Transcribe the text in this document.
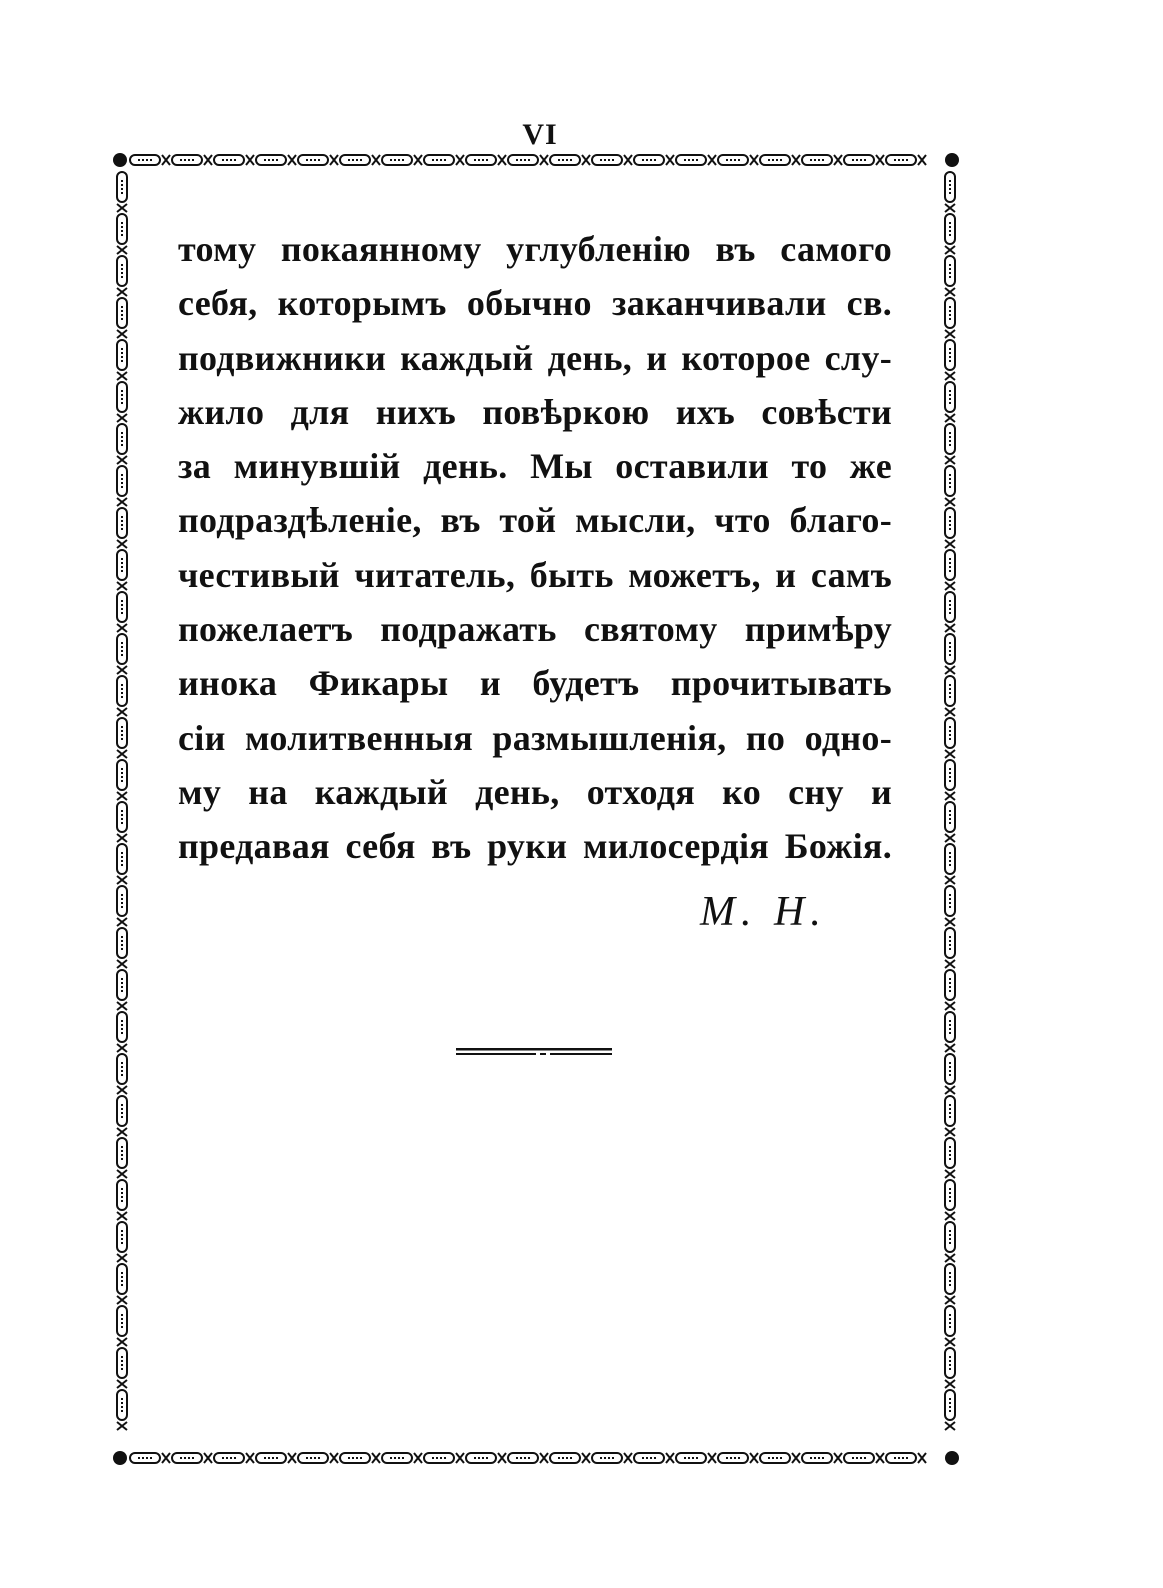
VI
тому покаянному углубленію въ самого
себя, которымъ обычно заканчивали св.
подвижники каждый день, и которое слу-
жило для нихъ повѣркою ихъ совѣсти
за минувшій день. Мы оставили то же
подраздѣленіе, въ той мысли, что благо-
честивый читатель, быть можетъ, и самъ
пожелаетъ подражать святому примѣру
инока Фикары и будетъ прочитывать
сіи молитвенныя размышленія, по одно-
му на каждый день, отходя ко сну и
предавая себя въ руки милосердія Божія.
М. Н.
